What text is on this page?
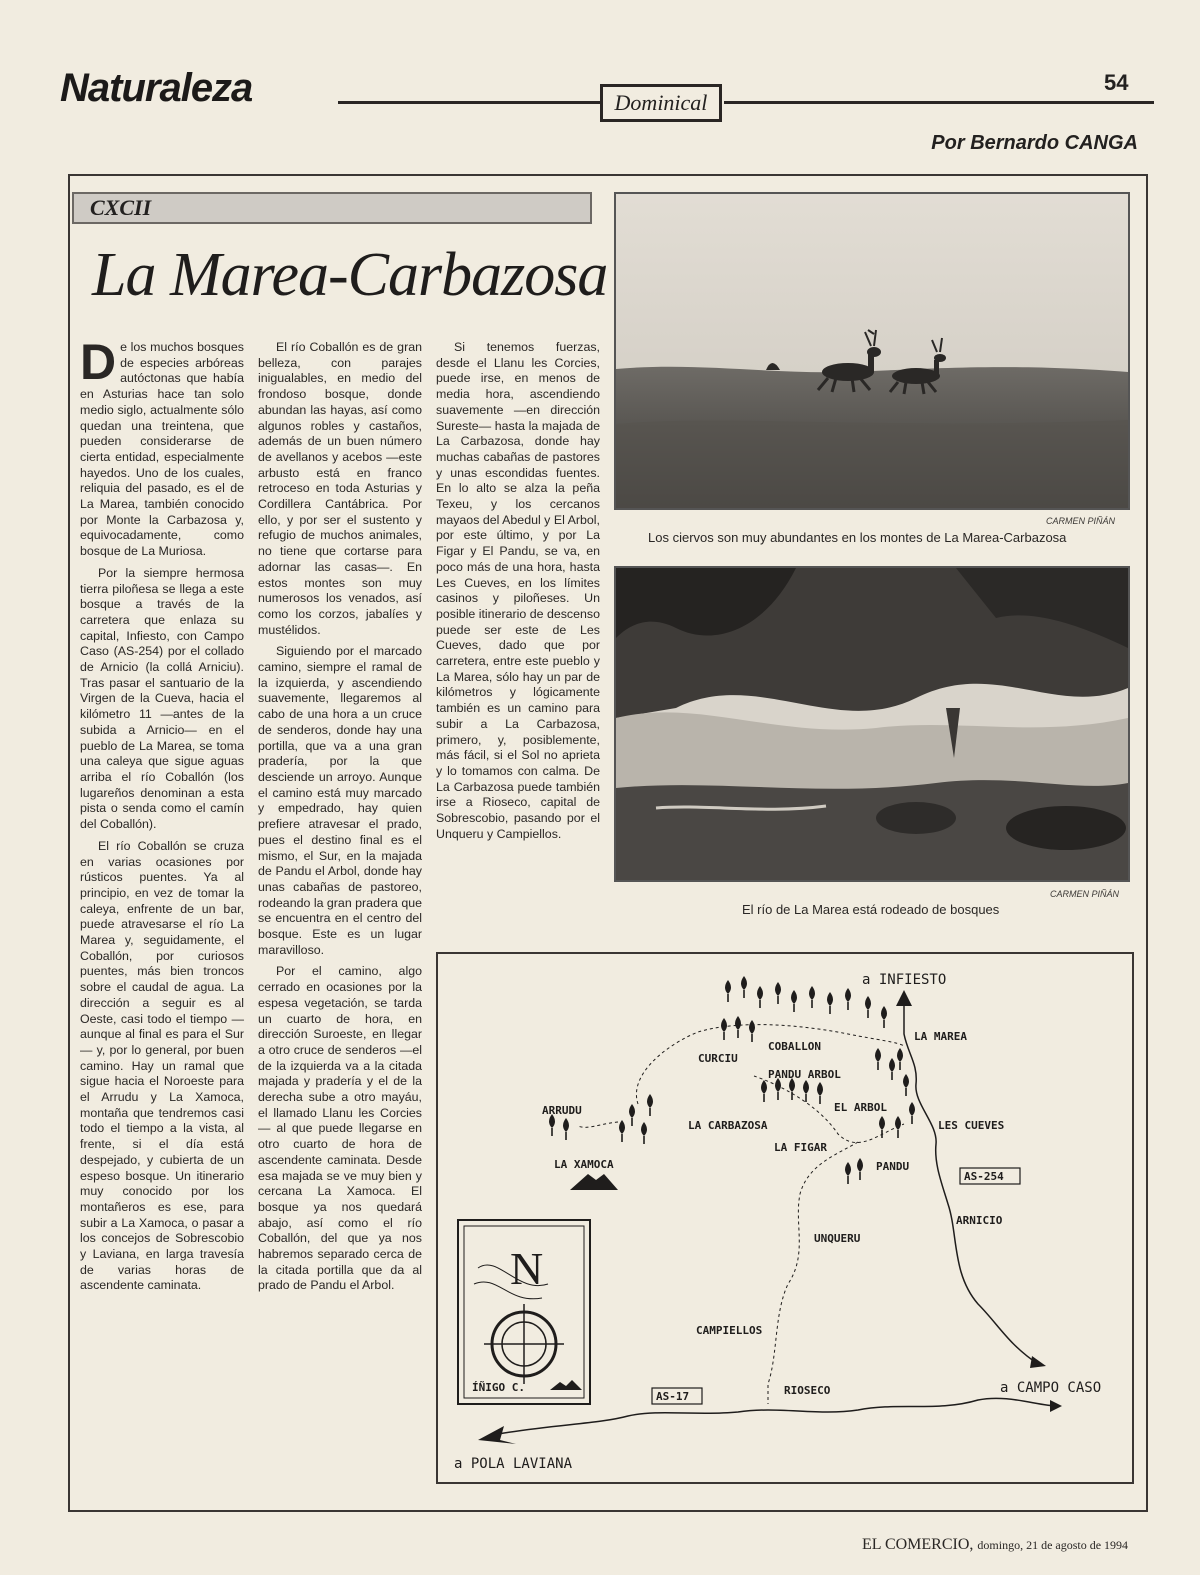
Naturaleza	Dominical
54
Por Bernardo CANGA
CXCII
La Marea-Carbazosa

De los muchos bosques de especies arbóreas autóctonas que había en Asturias hace tan solo medio siglo, actualmente sólo quedan una treintena, que pueden considerarse de cierta entidad, especialmente hayedos. Uno de los cuales, reliquia del pasado, es el de La Marea, también conocido por Monte la Carbazosa y, equivocadamente, como bosque de La Muriosa.

Por la siempre hermosa tierra piloñesa se llega a este bosque a través de la carretera que enlaza su capital, Infiesto, con Campo Caso (AS-254) por el collado de Arnicio (la collá Arniciu). Tras pasar el santuario de la Virgen de la Cueva, hacia el kilómetro 11 —antes de la subida a Arnicio— en el pueblo de La Marea, se toma una caleya que sigue aguas arriba el río Coballón (los lugareños denominan a esta pista o senda como el camín del Coballón).

El río Coballón se cruza en varias ocasiones por rústicos puentes. Ya al principio, en vez de tomar la caleya, enfrente de un bar, puede atravesarse el río La Marea y, seguidamente, el Coballón, por curiosos puentes, más bien troncos sobre el caudal de agua. La dirección a seguir es al Oeste, casi todo el tiempo —aunque al final es para el Sur— y, por lo general, por buen camino. Hay un ramal que sigue hacia el Noroeste para el Arrudu y La Xamoca, montaña que tendremos casi todo el tiempo a la vista, al frente, si el día está despejado, y cubierta de un espeso bosque. Un itinerario muy conocido por los montañeros es ese, para subir a La Xamoca, o pasar a los concejos de Sobrescobio y Laviana, en larga travesía de varias horas de ascendente caminata.

El río Coballón es de gran belleza, con parajes inigualables, en medio del frondoso bosque, donde abundan las hayas, así como algunos robles y castaños, además de un buen número de avellanos y acebos —este arbusto está en franco retroceso en toda Asturias y Cordillera Cantábrica. Por ello, y por ser el sustento y refugio de muchos animales, no tiene que cortarse para adornar las casas—. En estos montes son muy numerosos los venados, así como los corzos, jabalíes y mustélidos.

Siguiendo por el marcado camino, siempre el ramal de la izquierda, y ascendiendo suavemente, llegaremos al cabo de una hora a un cruce de senderos, donde hay una portilla, que va a una gran pradería, por la que desciende un arroyo. Aunque el camino está muy marcado y empedrado, hay quien prefiere atravesar el prado, pues el destino final es el mismo, el Sur, en la majada de Pandu el Arbol, donde hay unas cabañas de pastoreo, rodeando la gran pradera que se encuentra en el centro del bosque. Este es un lugar maravilloso.

Por el camino, algo cerrado en ocasiones por la espesa vegetación, se tarda un cuarto de hora, en dirección Suroeste, en llegar a otro cruce de senderos —el de la izquierda va a la citada majada y pradería y el de la derecha sube a otro mayáu, el llamado Llanu les Corcies— al que puede llegarse en otro cuarto de hora de ascendente caminata. Desde esa majada se ve muy bien y cercana La Xamoca. El bosque ya nos quedará abajo, así como el río Coballón, del que ya nos habremos separado cerca de la citada portilla que da al prado de Pandu el Arbol.

Si tenemos fuerzas, desde el Llanu les Corcies, puede irse, en menos de media hora, ascendiendo suavemente —en dirección Sureste— hasta la majada de La Carbazosa, donde hay muchas cabañas de pastores y unas escondidas fuentes. En lo alto se alza la peña Texeu, y los cercanos mayaos del Abedul y El Arbol, por este último, y por La Figar y El Pandu, se va, en poco más de una hora, hasta Les Cueves, en los límites casinos y piloñeses. Un posible itinerario de descenso puede ser este de Les Cueves, dado que por carretera, entre este pueblo y La Marea, sólo hay un par de kilómetros y lógicamente también es un camino para subir a La Carbazosa, primero, y, posiblemente, más fácil, si el Sol no aprieta y lo tomamos con calma. De La Carbazosa puede también irse a Rioseco, capital de Sobrescobio, pasando por el Unqueru y Campiellos.

CARMEN PIÑÁN
Los ciervos son muy abundantes en los montes de La Marea-Carbazosa
CARMEN PIÑÁN
El río de La Marea está rodeado de bosques
N
ÍÑIGO C.
a INFIESTO
LA MAREA
COBALLON
CURCIU
PANDU ARBOL
EL ARBOL
ARRUDU
LA CARBAZOSA	LES CUEVES
LA FIGAR
LA XAMOCA	PANDU
AS-254
ARNICIO
UNQUERU
CAMPIELLOS
a CAMPO CASO
RIOSECO
AS-17
a POLA LAVIANA
EL COMERCIO, domingo, 21 de agosto de 1994
